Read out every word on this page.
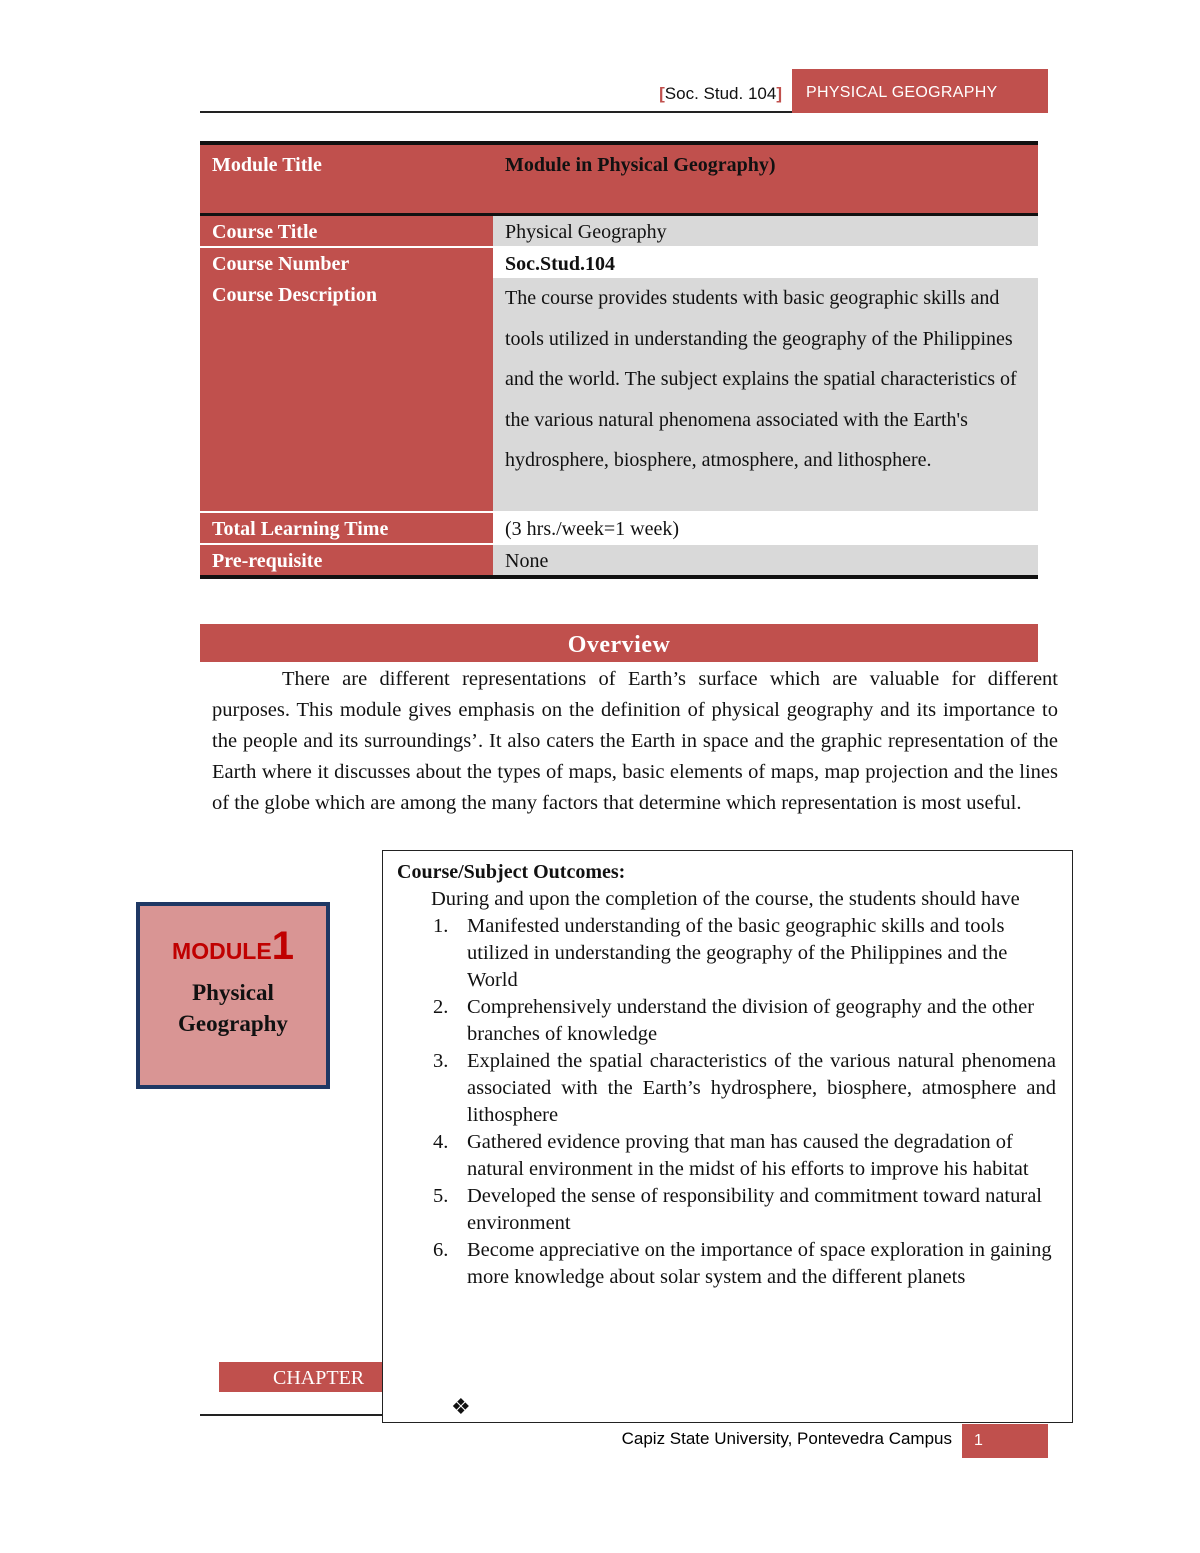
[Soc. Stud. 104]	PHYSICAL GEOGRAPHY
Module Title	Module in Physical Geography)
Course Title	Physical Geography
Course Number	Soc.Stud.104
Course Description	The course provides students with basic geographic skills and tools utilized in understanding the geography of the Philippines and the world. The subject explains the spatial characteristics of the various natural phenomena associated with the Earth's hydrosphere, biosphere, atmosphere, and lithosphere.
Total Learning Time	(3 hrs./week=1 week)
Pre-requisite	None
Overview
There are different representations of Earth’s surface which are valuable for different purposes. This module gives emphasis on the definition of physical geography and its importance to the people and its surroundings’. It also caters the Earth in space and the graphic representation of the Earth where it discusses about the types of maps, basic elements of maps, map projection and the lines of the globe which are among the many factors that determine which representation is most useful.
MODULE1
Physical
Geography
CHAPTER
Course/Subject Outcomes:
During and upon the completion of the course, the students should have
1. Manifested understanding of the basic geographic skills and tools utilized in understanding the geography of the Philippines and the World
2. Comprehensively understand the division of geography and the other branches of knowledge
3. Explained the spatial characteristics of the various natural phenomena associated with the Earth’s hydrosphere, biosphere, atmosphere and lithosphere
4. Gathered evidence proving that man has caused the degradation of natural environment in the midst of his efforts to improve his habitat
5. Developed the sense of responsibility and commitment toward natural environment
6. Become appreciative on the importance of space exploration in gaining more knowledge about solar system and the different planets
❖
Capiz State University, Pontevedra Campus	1
